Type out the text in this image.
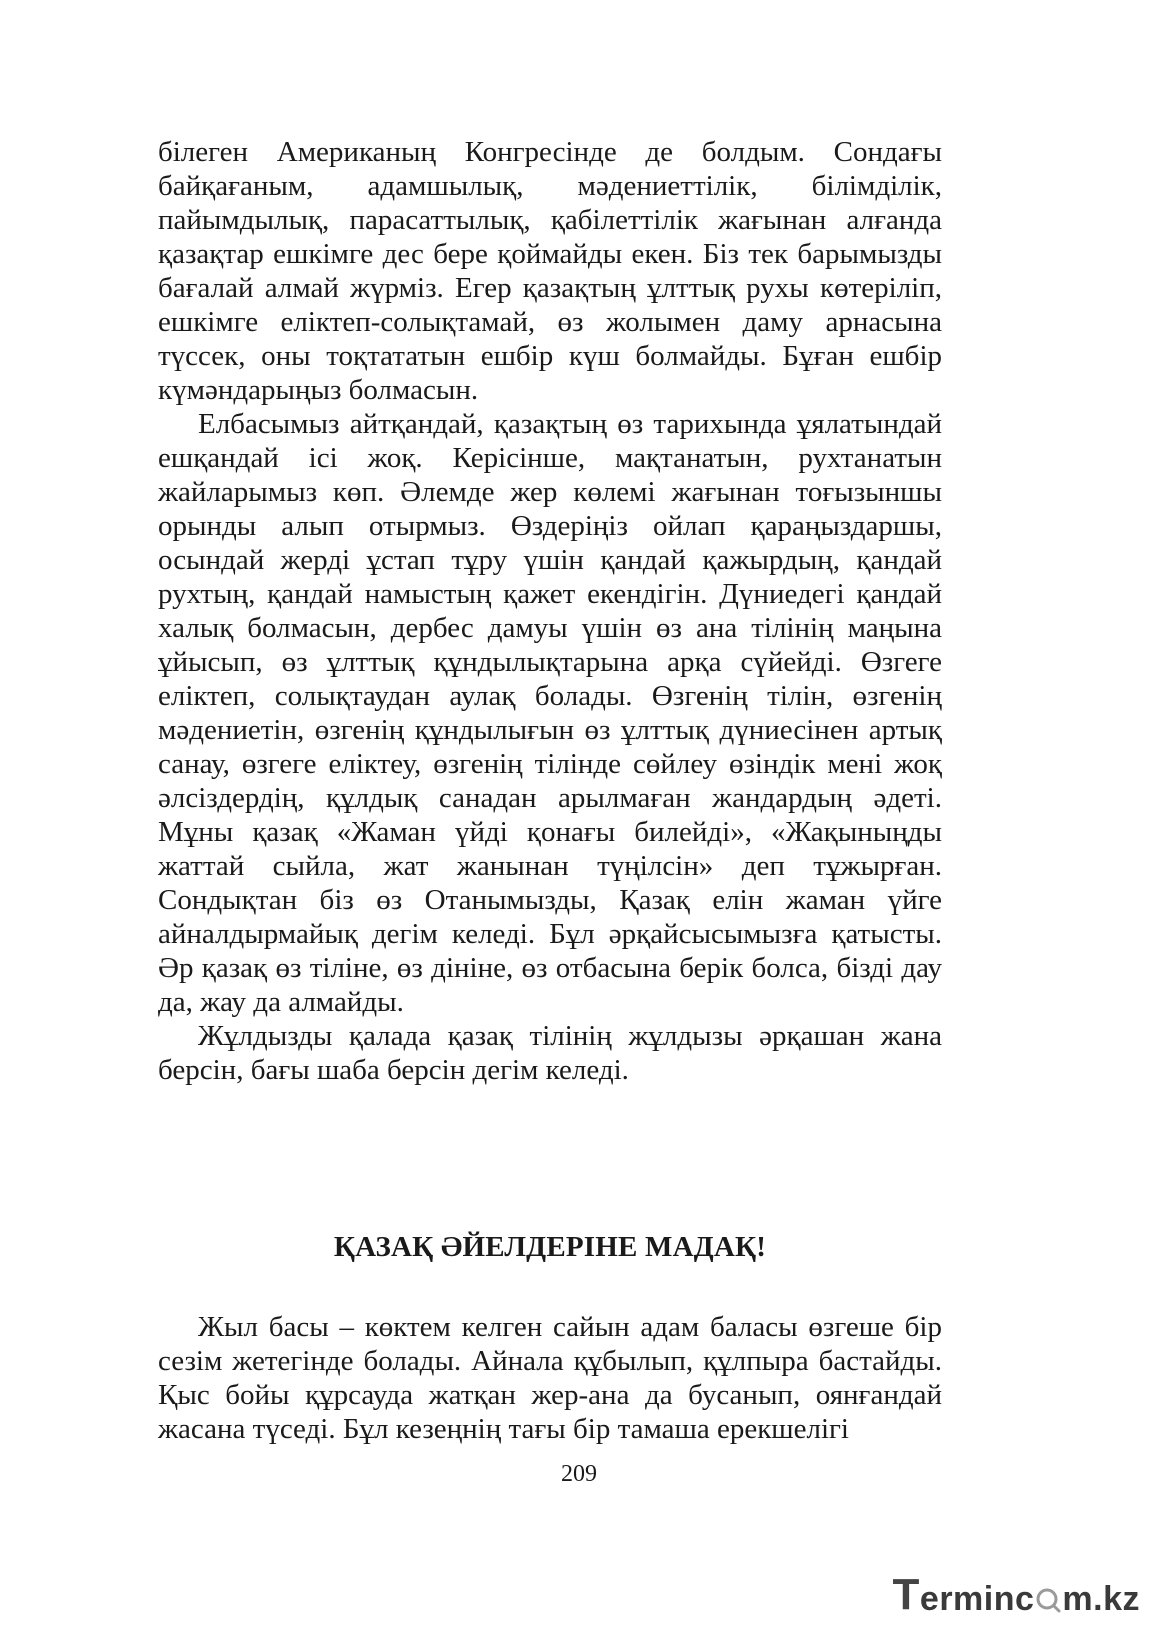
білеген Американың Конгресінде де болдым. Сондағы байқағаным, адамшылық, мәдениеттілік, білімділік, пайымдылық, парасаттылық, қабілеттілік жағынан алғанда қазақтар ешкімге дес бере қоймайды екен. Біз тек барымызды бағалай алмай жүрміз. Егер қазақтың ұлттық рухы көтеріліп, ешкімге еліктеп-солықтамай, өз жолымен даму арнасына түссек, оны тоқтататын ешбір күш болмайды. Бұған ешбір күмәндарыңыз болмасын.

Елбасымыз айтқандай, қазақтың өз тарихында ұялатындай ешқандай ісі жоқ. Керісінше, мақтанатын, рухтанатын жайларымыз көп. Әлемде жер көлемі жағынан тоғызыншы орынды алып отырмыз. Өздеріңіз ойлап қараңыздаршы, осындай жерді ұстап тұру үшін қандай қажырдың, қандай рухтың, қандай намыстың қажет екендігін. Дүниедегі қандай халық болмасын, дербес дамуы үшін өз ана тілінің маңына ұйысып, өз ұлттық құндылықтарына арқа сүйейді. Өзгеге еліктеп, солықтаудан аулақ болады. Өзгенің тілін, өзгенің мәдениетін, өзгенің құндылығын өз ұлттық дүниесінен артық санау, өзгеге еліктеу, өзгенің тілінде сөйлеу өзіндік мені жоқ әлсіздердің, құлдық санадан арылмаған жандардың әдеті. Мұны қазақ «Жаман үйді қонағы билейді», «Жақыныңды жаттай сыйла, жат жанынан түңілсін» деп тұжырған. Сондықтан біз өз Отанымызды, Қазақ елін жаман үйге айналдырмайық дегім келеді. Бұл әрқайсысымызға қатысты. Әр қазақ өз тіліне, өз дініне, өз отбасына берік болса, бізді дау да, жау да алмайды.

Жұлдызды қалада қазақ тілінің жұлдызы әрқашан жана берсін, бағы шаба берсін дегім келеді.

ҚАЗАҚ ӘЙЕЛДЕРІНЕ МАДАҚ!

Жыл басы – көктем келген сайын адам баласы өзгеше бір сезім жетегінде болады. Айнала құбылып, құлпыра бастайды. Қыс бойы құрсауда жатқан жер-ана да бусанып, оянғандай жасана түседі. Бұл кезеңнің тағы бір тамаша ерекшелігі

209
T erminc m.kz
